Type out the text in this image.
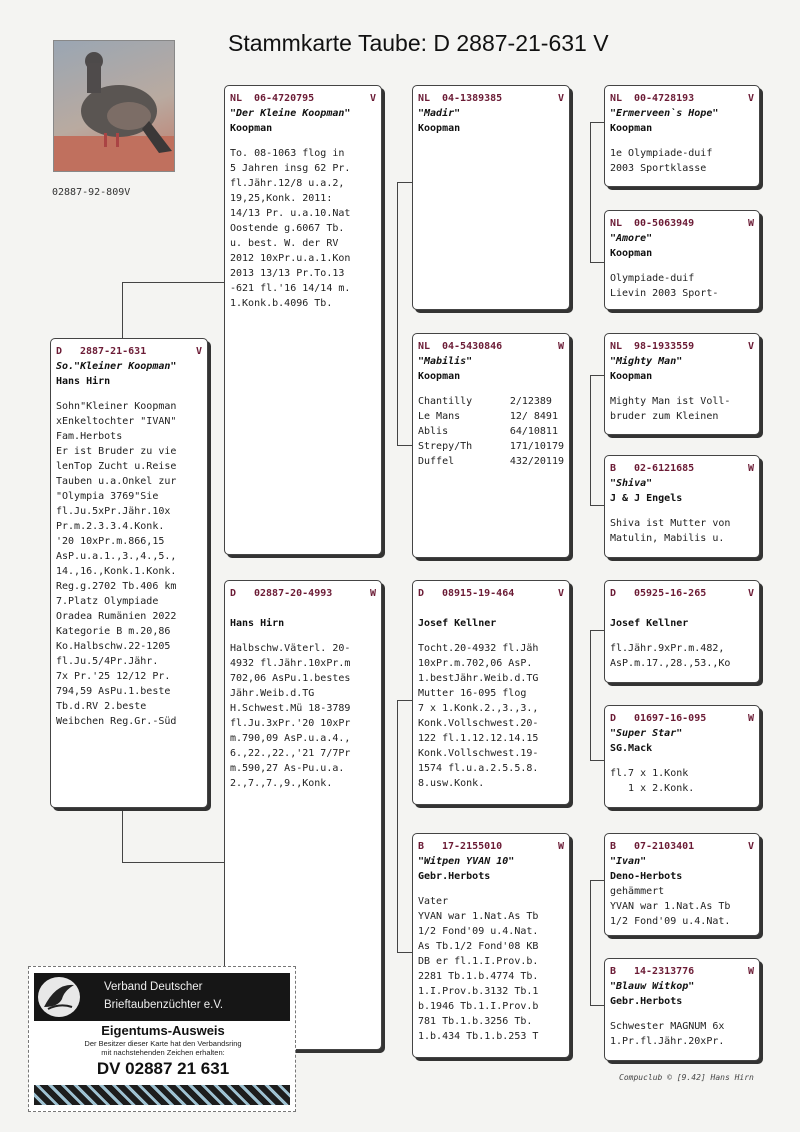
Stammkarte Taube: D 2887-21-631 V
02887-92-809V
D	2887-21-631	V
So."Kleiner Koopman"
Hans Hirn
Sohn"Kleiner Koopman
xEnkeltochter "IVAN"
Fam.Herbots
Er ist Bruder zu vie
lenTop Zucht u.Reise
Tauben u.a.Onkel zur
"Olympia 3769"Sie
fl.Ju.5xPr.Jähr.10x
Pr.m.2.3.3.4.Konk.
'20 10xPr.m.866,15
AsP.u.a.1.,3.,4.,5.,
14.,16.,Konk.1.Konk.
Reg.g.2702 Tb.406 km
7.Platz Olympiade
Oradea Rumänien 2022
Kategorie B m.20,86
Ko.Halbschw.22-1205
fl.Ju.5/4Pr.Jähr.
7x Pr.'25 12/12 Pr.
794,59 AsPu.1.beste
Tb.d.RV 2.beste
Weibchen Reg.Gr.-Süd
NL	06-4720795	V
"Der Kleine Koopman"
Koopman
To. 08-1063 flog in
5 Jahren insg 62 Pr.
fl.Jähr.12/8 u.a.2,
19,25,Konk. 2011:
14/13 Pr. u.a.10.Nat
Oostende g.6067 Tb.
u. best. W. der RV
2012 10xPr.u.a.1.Kon
2013 13/13 Pr.To.13
-621 fl.'16 14/14 m.
1.Konk.b.4096 Tb.
D	02887-20-4993	W
Hans Hirn
Halbschw.Väterl. 20-
4932 fl.Jähr.10xPr.m
702,06 AsPu.1.bestes
Jähr.Weib.d.TG
H.Schwest.Mü 18-3789
fl.Ju.3xPr.'20 10xPr
m.790,09 AsP.u.a.4.,
6.,22.,22.,'21 7/7Pr
m.590,27 As-Pu.u.a.
2.,7.,7.,9.,Konk.
NL	04-1389385	V
"Madir"
Koopman
NL	04-5430846	W
"Mabilis"
Koopman
Chantilly	2/12389
Le Mans	12/ 8491
Ablis	64/10811
Strepy/Th	171/10179
Duffel	432/20119
D	08915-19-464	V
Josef Kellner
Tocht.20-4932 fl.Jäh
10xPr.m.702,06 AsP.
1.bestJähr.Weib.d.TG
Mutter 16-095 flog
7 x 1.Konk.2.,3.,3.,
Konk.Vollschwest.20-
122 fl.1.12.12.14.15
Konk.Vollschwest.19-
1574 fl.u.a.2.5.5.8.
8.usw.Konk.
B	17-2155010	W
"Witpen YVAN 10"
Gebr.Herbots
Vater
YVAN war 1.Nat.As Tb
1/2 Fond'09 u.4.Nat.
As Tb.1/2 Fond'08 KB
DB er fl.1.I.Prov.b.
2281 Tb.1.b.4774 Tb.
1.I.Prov.b.3132 Tb.1
b.1946 Tb.1.I.Prov.b
781 Tb.1.b.3256 Tb.
1.b.434 Tb.1.b.253 T
NL	00-4728193	V
"Ermerveen`s Hope"
Koopman
1e Olympiade-duif
2003 Sportklasse
NL	00-5063949	W
"Amore"
Koopman
Olympiade-duif
Lievin 2003 Sport-
NL	98-1933559	V
"Mighty Man"
Koopman
Mighty Man ist Voll-
bruder zum Kleinen
B	02-6121685	W
"Shiva"
J & J Engels
Shiva ist Mutter von
Matulin, Mabilis u.
D	05925-16-265	V
Josef Kellner
fl.Jähr.9xPr.m.482,
AsP.m.17.,28.,53.,Ko
D	01697-16-095	W
"Super Star"
SG.Mack
fl.7 x 1.Konk
1 x 2.Konk.
B	07-2103401	V
"Ivan"
Deno-Herbots
gehämmert
YVAN war 1.Nat.As Tb
1/2 Fond'09 u.4.Nat.
B	14-2313776	W
"Blauw Witkop"
Gebr.Herbots
Schwester MAGNUM 6x
1.Pr.fl.Jähr.20xPr.
Compuclub © [9.42] Hans Hirn
Verband Deutscher
Brieftaubenzüchter e.V.
Eigentums-Ausweis
Der Besitzer dieser Karte hat den Verbandsring
mit nachstehenden Zeichen erhalten:
DV 02887 21 631
